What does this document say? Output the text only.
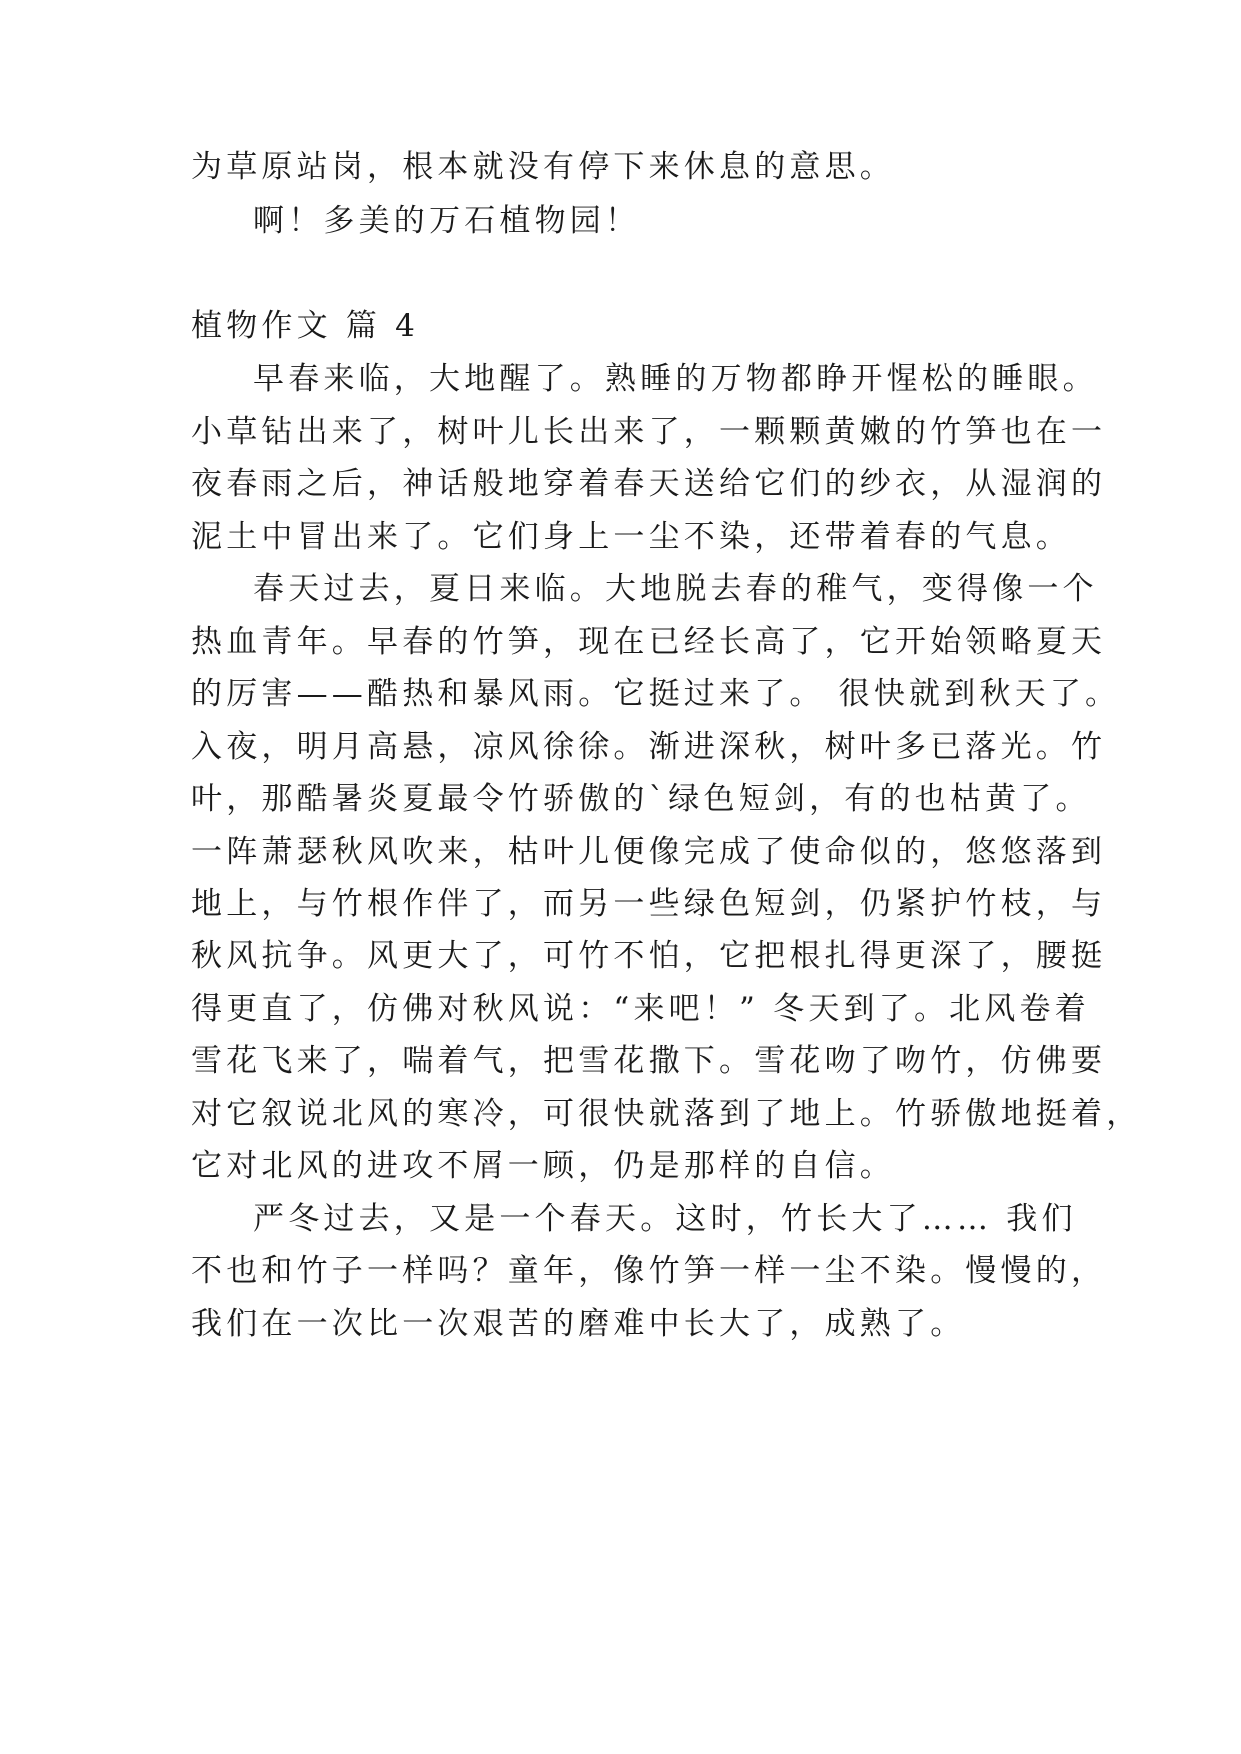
为草原站岗，根本就没有停下来休息的意思。
啊！多美的万石植物园！
植物作文 篇 4
早春来临，大地醒了。熟睡的万物都睁开惺松的睡眼。
小草钻出来了，树叶儿长出来了，一颗颗黄嫩的竹笋也在一
夜春雨之后，神话般地穿着春天送给它们的纱衣，从湿润的
泥土中冒出来了。它们身上一尘不染，还带着春的气息。
春天过去，夏日来临。大地脱去春的稚气，变得像一个
热血青年。早春的竹笋，现在已经长高了，它开始领略夏天
的厉害——酷热和暴风雨。它挺过来了。 很快就到秋天了。
入夜，明月高悬，凉风徐徐。渐进深秋，树叶多已落光。竹
叶，那酷暑炎夏最令竹骄傲的`绿色短剑，有的也枯黄了。
一阵萧瑟秋风吹来，枯叶儿便像完成了使命似的，悠悠落到
地上，与竹根作伴了，而另一些绿色短剑，仍紧护竹枝，与
秋风抗争。风更大了，可竹不怕，它把根扎得更深了，腰挺
得更直了，仿佛对秋风说：“来吧！” 冬天到了。北风卷着
雪花飞来了，喘着气，把雪花撒下。雪花吻了吻竹，仿佛要
对它叙说北风的寒冷，可很快就落到了地上。竹骄傲地挺着，
它对北风的进攻不屑一顾，仍是那样的自信。
严冬过去，又是一个春天。这时，竹长大了…… 我们
不也和竹子一样吗？童年，像竹笋一样一尘不染。慢慢的，
我们在一次比一次艰苦的磨难中长大了，成熟了。
